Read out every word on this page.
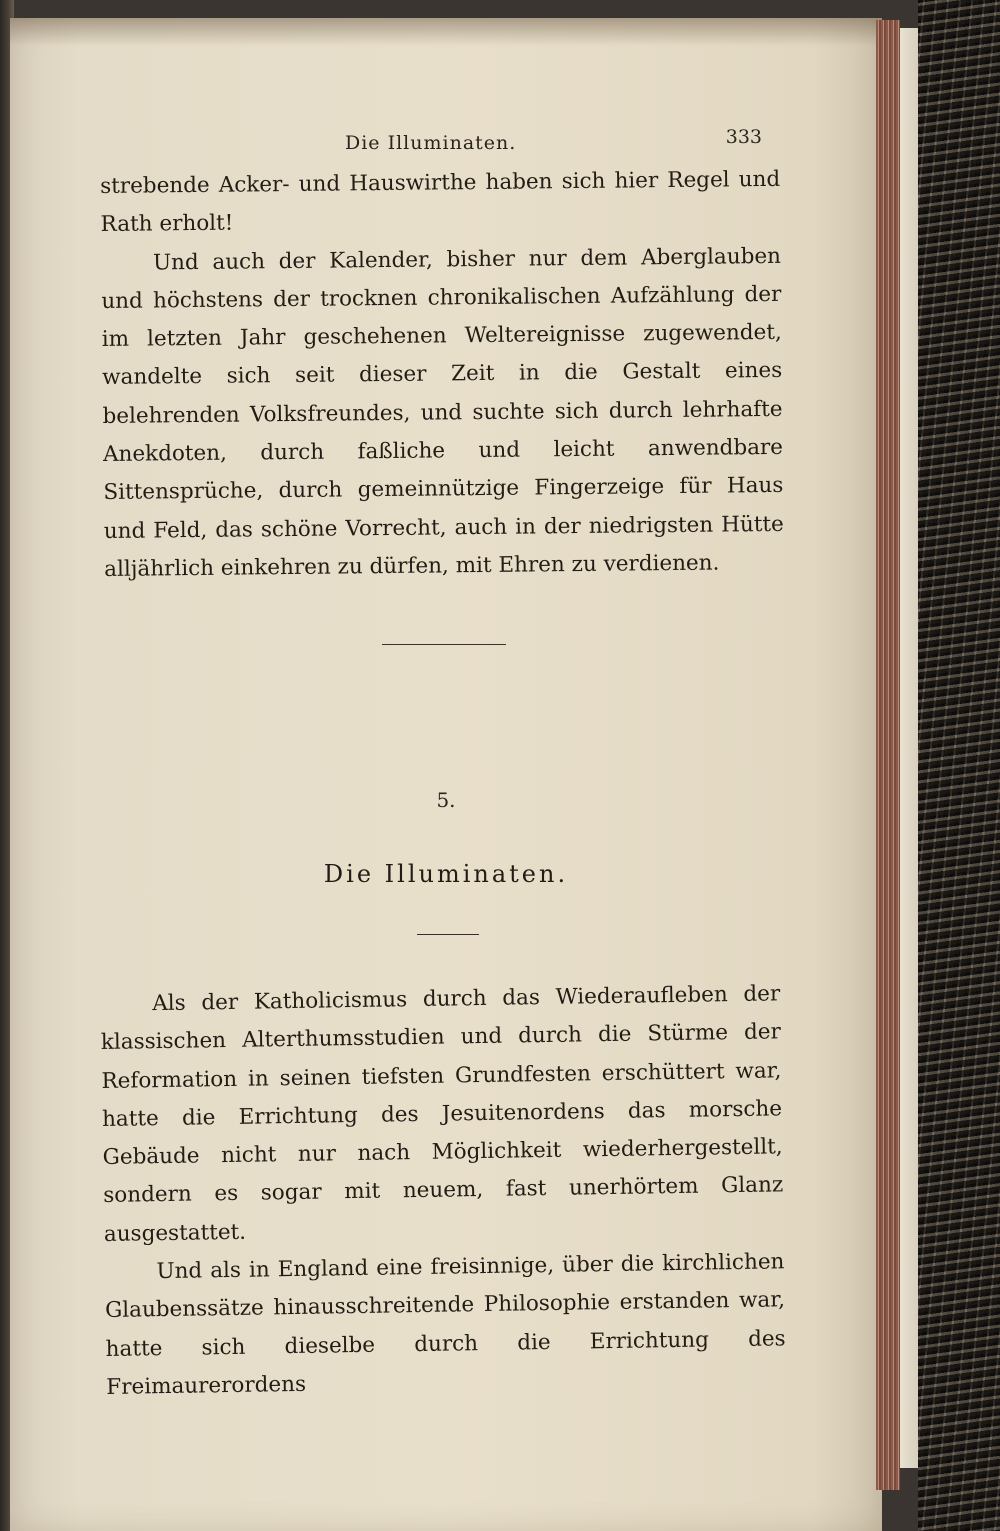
Die Illuminaten.	333

strebende Acker- und Hauswirthe haben sich hier Regel und Rath erholt!

Und auch der Kalender, bisher nur dem Aberglauben und höchstens der trocknen chronikalischen Aufzählung der im letzten Jahr geschehenen Weltereignisse zugewendet, wandelte sich seit dieser Zeit in die Gestalt eines belehrenden Volksfreundes, und suchte sich durch lehrhafte Anekdoten, durch faßliche und leicht anwendbare Sittensprüche, durch gemeinnützige Fingerzeige für Haus und Feld, das schöne Vorrecht, auch in der niedrigsten Hütte alljährlich einkehren zu dürfen, mit Ehren zu verdienen.

5.
Die Illuminaten.

Als der Katholicismus durch das Wiederaufleben der klassischen Alterthumsstudien und durch die Stürme der Reformation in seinen tiefsten Grundfesten erschüttert war, hatte die Errichtung des Jesuitenordens das morsche Gebäude nicht nur nach Möglichkeit wiederhergestellt, sondern es sogar mit neuem, fast unerhörtem Glanz ausgestattet.

Und als in England eine freisinnige, über die kirchlichen Glaubenssätze hinausschreitende Philosophie erstanden war, hatte sich dieselbe durch die Errichtung des Freimaurerordens
